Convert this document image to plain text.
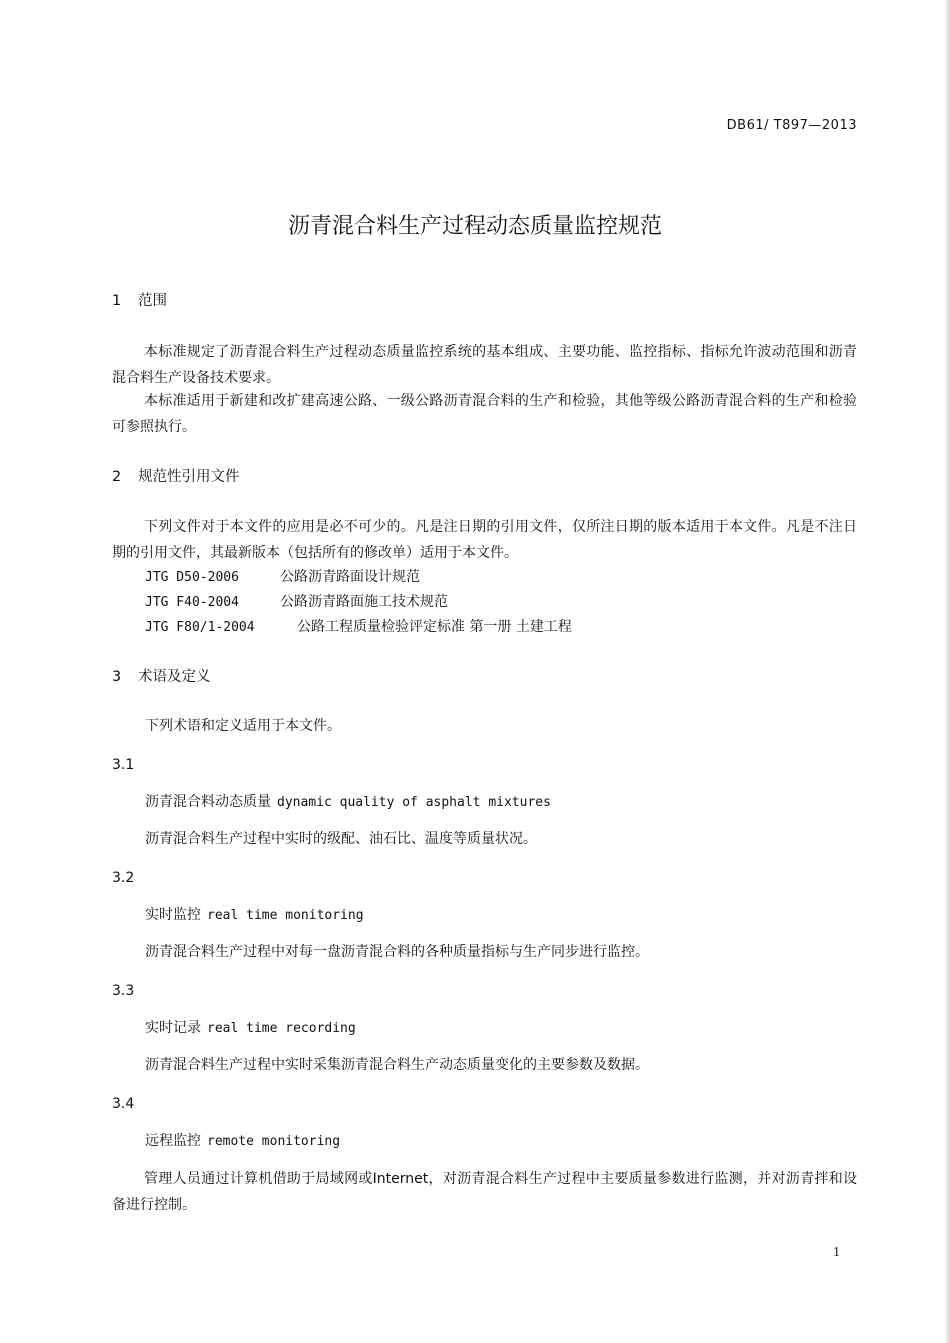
DB61/ T897—2013
沥青混合料生产过程动态质量监控规范
1 范围

本标准规定了沥青混合料生产过程动态质量监控系统的基本组成、主要功能、监控指标、指标允许波动范围和沥青混合料生产设备技术要求。

本标准适用于新建和改扩建高速公路、一级公路沥青混合料的生产和检验，其他等级公路沥青混合料的生产和检验可参照执行。

2 规范性引用文件

下列文件对于本文件的应用是必不可少的。凡是注日期的引用文件，仅所注日期的版本适用于本文件。凡是不注日期的引用文件，其最新版本（包括所有的修改单）适用于本文件。

JTG D50-2006	公路沥青路面设计规范
JTG F40-2004	公路沥青路面施工技术规范
JTG F80/1-2004	公路工程质量检验评定标准 第一册 土建工程
3 术语及定义
下列术语和定义适用于本文件。
3.1
沥青混合料动态质量 dynamic quality of asphalt mixtures
沥青混合料生产过程中实时的级配、油石比、温度等质量状况。
3.2
实时监控 real time monitoring
沥青混合料生产过程中对每一盘沥青混合料的各种质量指标与生产同步进行监控。
3.3
实时记录 real time recording
沥青混合料生产过程中实时采集沥青混合料生产动态质量变化的主要参数及数据。
3.4
远程监控 remote monitoring

管理人员通过计算机借助于局域网或Internet，对沥青混合料生产过程中主要质量参数进行监测，并对沥青拌和设备进行控制。

1
